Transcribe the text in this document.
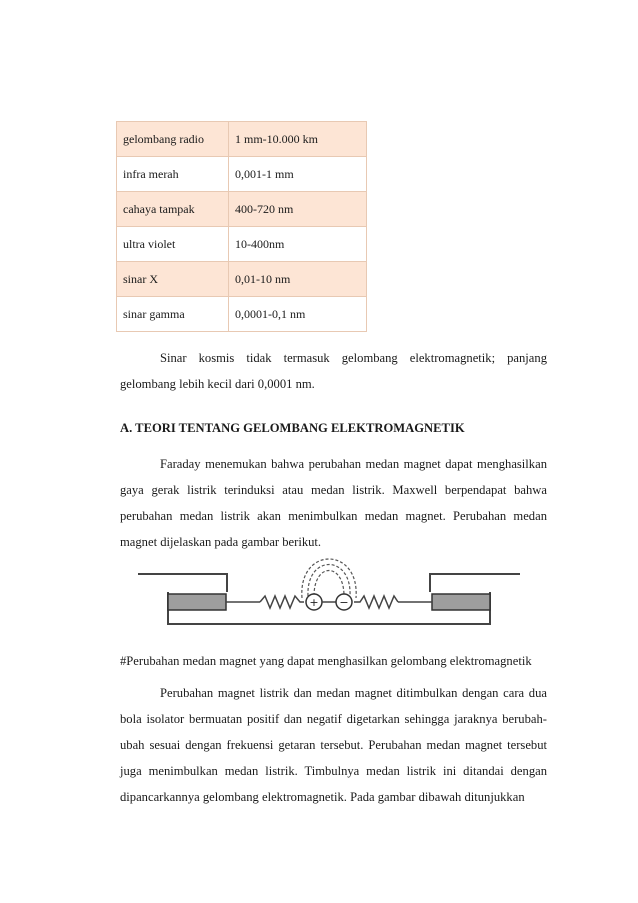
gelombang radio	1 mm-10.000 km
infra merah	0,001-1 mm
cahaya tampak	400-720 nm
ultra violet	10-400nm
sinar X	0,01-10 nm
sinar gamma	0,0001-0,1 nm

Sinar kosmis tidak termasuk gelombang elektromagnetik; panjang gelombang lebih kecil dari 0,0001 nm.

A. TEORI TENTANG GELOMBANG ELEKTROMAGNETIK

Faraday menemukan bahwa perubahan medan magnet dapat menghasilkan gaya gerak listrik terinduksi atau medan listrik. Maxwell berpendapat bahwa perubahan medan listrik akan menimbulkan medan magnet. Perubahan medan magnet dijelaskan pada gambar berikut.

+ −

#Perubahan medan magnet yang dapat menghasilkan gelombang elektromagnetik

Perubahan magnet listrik dan medan magnet ditimbulkan dengan cara dua bola isolator bermuatan positif dan negatif digetarkan sehingga jaraknya berubah-ubah sesuai dengan frekuensi getaran tersebut. Perubahan medan magnet tersebut juga menimbulkan medan listrik. Timbulnya medan listrik ini ditandai dengan dipancarkannya gelombang elektromagnetik. Pada gambar dibawah ditunjukkan
